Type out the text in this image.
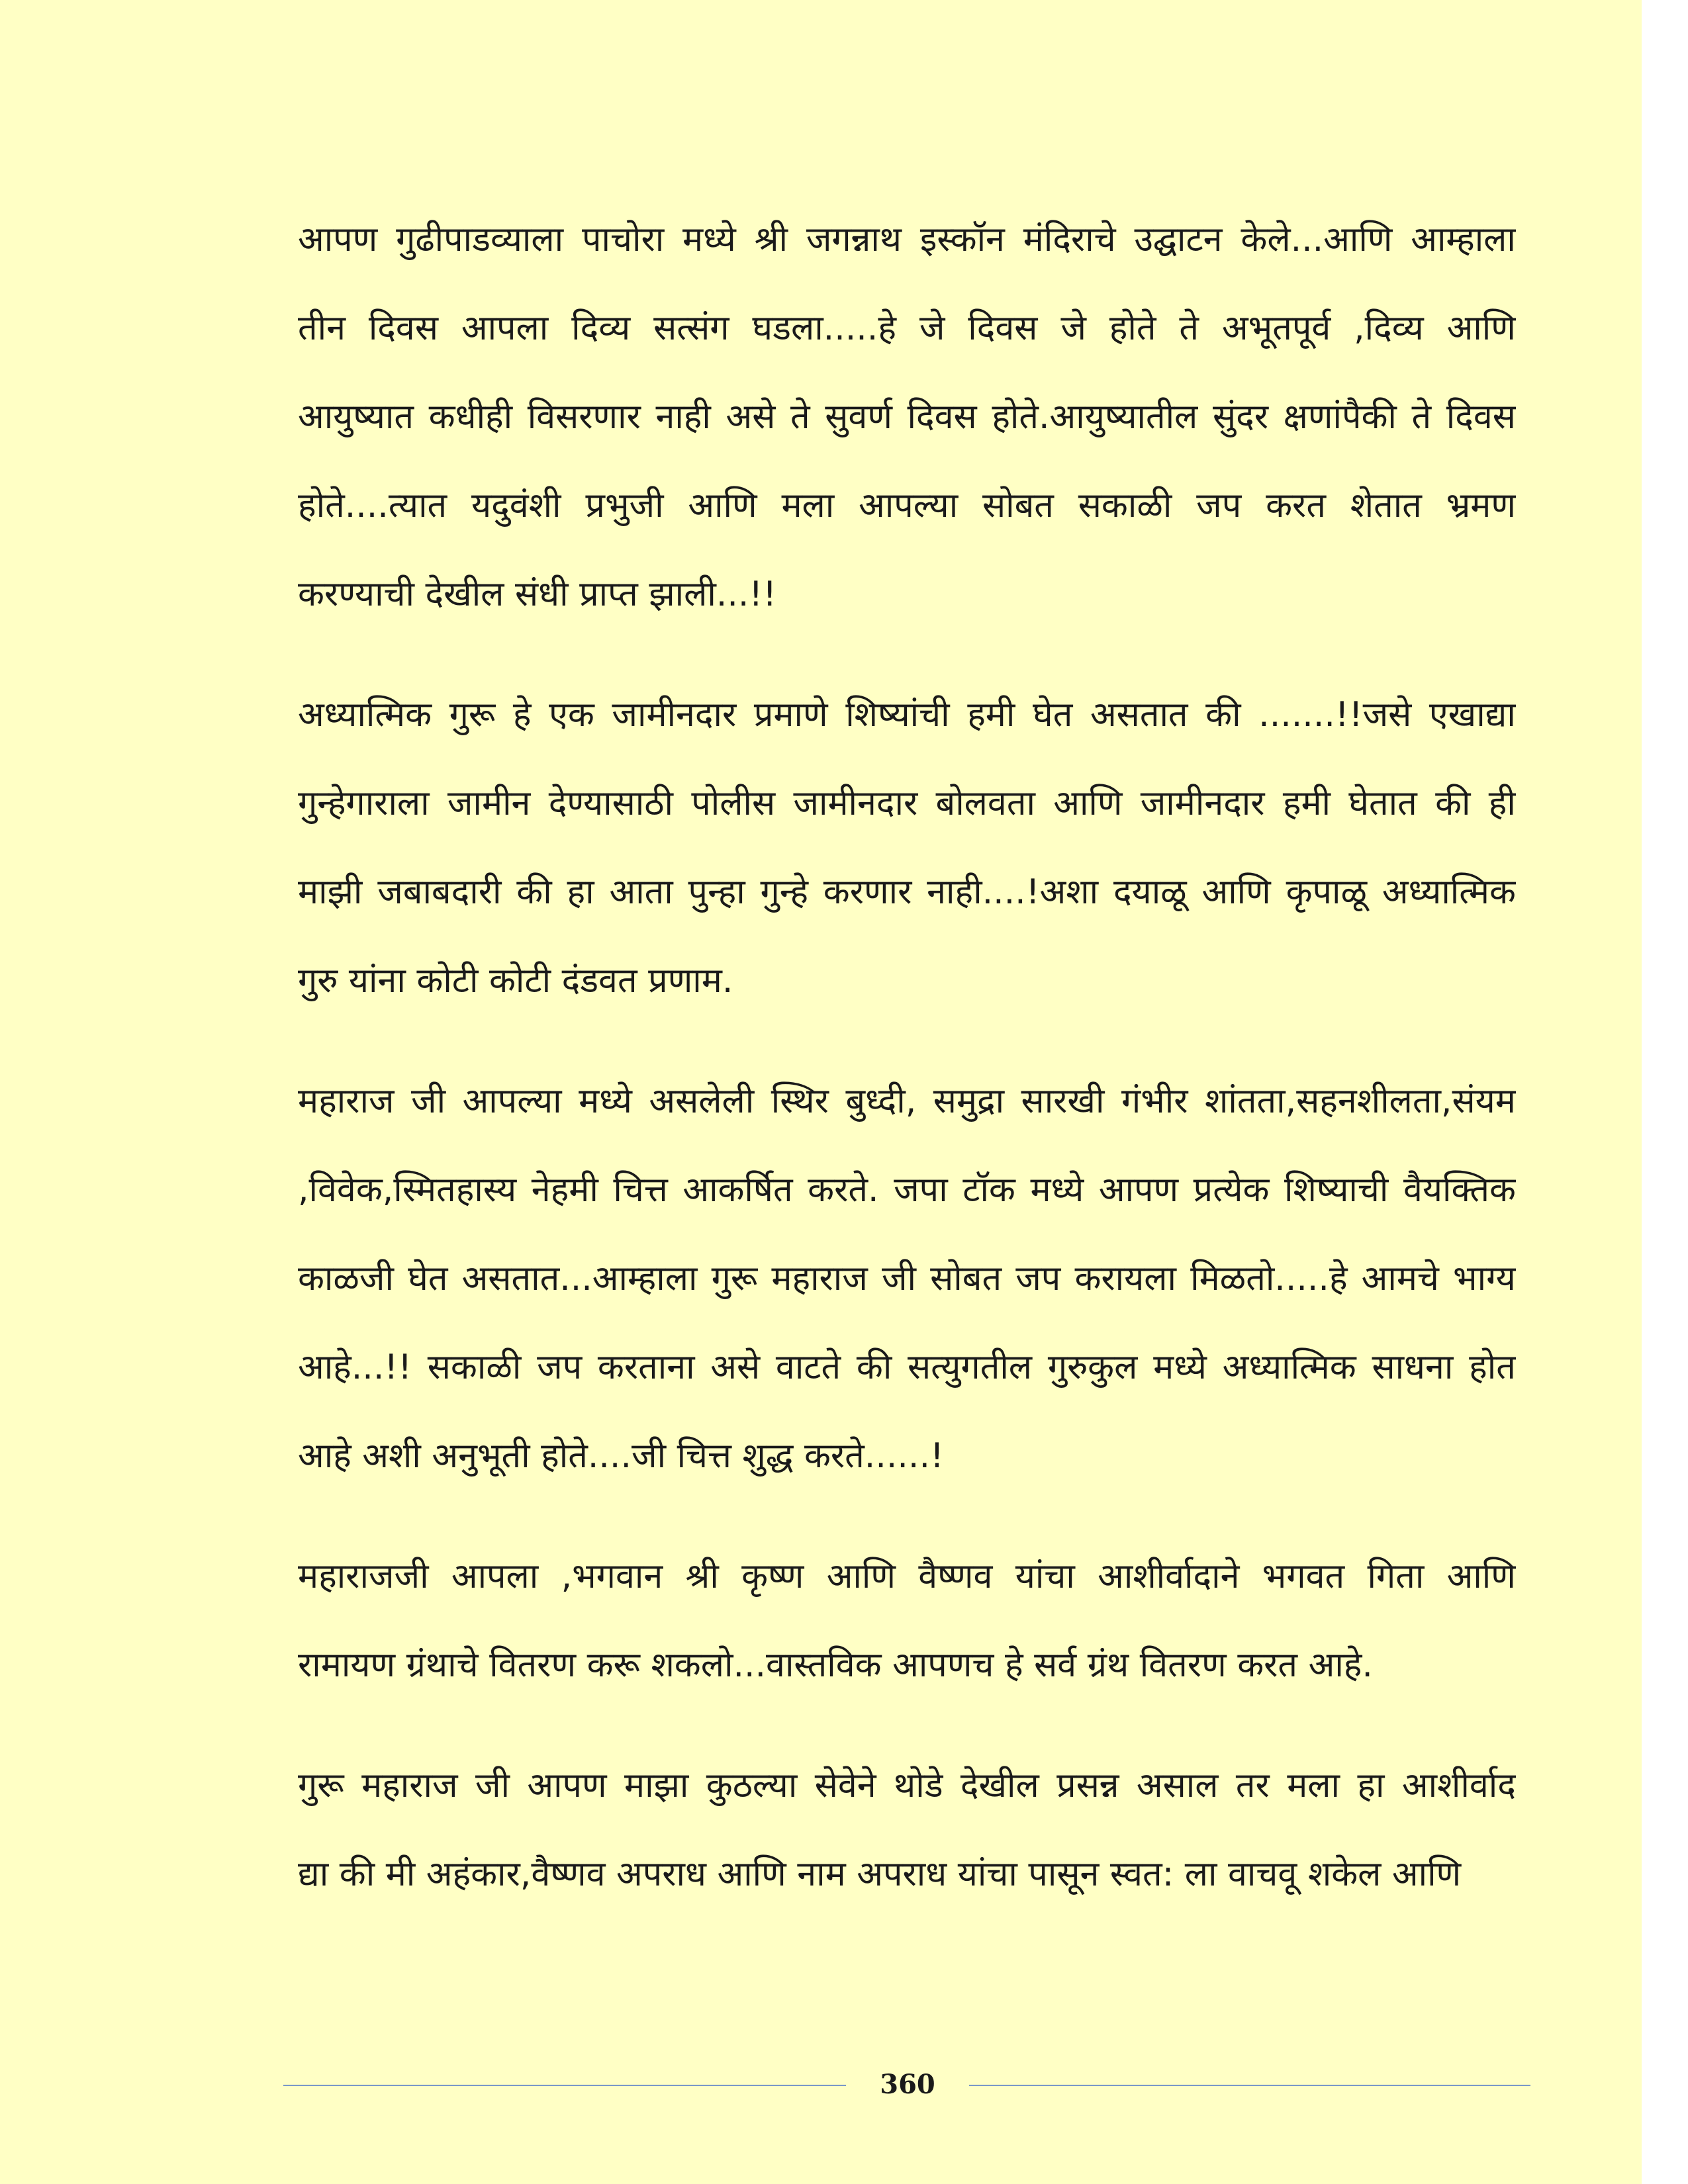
आपण गुढीपाडव्याला पाचोरा मध्ये श्री जगन्नाथ इस्कॉन मंदिराचे उद्घाटन केले...आणि आम्हाला
तीन दिवस आपला दिव्य सत्संग घडला.....हे जे दिवस जे होते ते अभूतपूर्व ,दिव्य आणि
आयुष्यात कधीही विसरणार नाही असे ते सुवर्ण दिवस होते.आयुष्यातील सुंदर क्षणांपैकी ते दिवस
होते....त्यात यदुवंशी प्रभुजी आणि मला आपल्या सोबत सकाळी जप करत शेतात भ्रमण
करण्याची देखील संधी प्राप्त झाली...!!
अध्यात्मिक गुरू हे एक जामीनदार प्रमाणे शिष्यांची हमी घेत असतात की .......!!जसे एखाद्या
गुन्हेगाराला जामीन देण्यासाठी पोलीस जामीनदार बोलवता आणि जामीनदार हमी घेतात की ही
माझी जबाबदारी की हा आता पुन्हा गुन्हे करणार नाही....!अशा दयाळू आणि कृपाळू अध्यात्मिक
गुरु यांना कोटी कोटी दंडवत प्रणाम.
महाराज जी आपल्या मध्ये असलेली स्थिर बुध्दी, समुद्रा सारखी गंभीर शांतता,सहनशीलता,संयम
,विवेक,स्मितहास्य नेहमी चित्त आकर्षित करते. जपा टॉक मध्ये आपण प्रत्येक शिष्याची वैयक्तिक
काळजी घेत असतात...आम्हाला गुरू महाराज जी सोबत जप करायला मिळतो.....हे आमचे भाग्य
आहे...!! सकाळी जप करताना असे वाटते की सत्युगतील गुरुकुल मध्ये अध्यात्मिक साधना होत
आहे अशी अनुभूती होते....जी चित्त शुद्ध करते......!
महाराजजी आपला ,भगवान श्री कृष्ण आणि वैष्णव यांचा आशीर्वादाने भगवत गिता आणि
रामायण ग्रंथाचे वितरण करू शकलो...वास्तविक आपणच हे सर्व ग्रंथ वितरण करत आहे.
गुरू महाराज जी आपण माझा कुठल्या सेवेने थोडे देखील प्रसन्न असाल तर मला हा आशीर्वाद
द्या की मी अहंकार,वैष्णव अपराध आणि नाम अपराध यांचा पासून स्वत: ला वाचवू शकेल आणि
360
